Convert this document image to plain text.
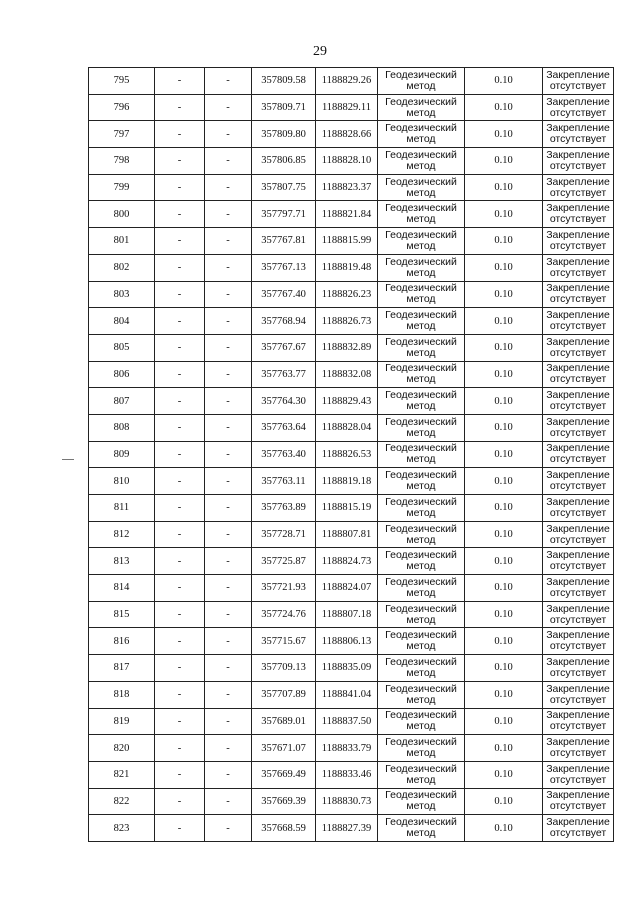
29
795	-	-	357809.58	1188829.26	Геодезический метод	0.10	Закрепление отсутствует
796	-	-	357809.71	1188829.11	Геодезический метод	0.10	Закрепление отсутствует
797	-	-	357809.80	1188828.66	Геодезический метод	0.10	Закрепление отсутствует
798	-	-	357806.85	1188828.10	Геодезический метод	0.10	Закрепление отсутствует
799	-	-	357807.75	1188823.37	Геодезический метод	0.10	Закрепление отсутствует
800	-	-	357797.71	1188821.84	Геодезический метод	0.10	Закрепление отсутствует
801	-	-	357767.81	1188815.99	Геодезический метод	0.10	Закрепление отсутствует
802	-	-	357767.13	1188819.48	Геодезический метод	0.10	Закрепление отсутствует
803	-	-	357767.40	1188826.23	Геодезический метод	0.10	Закрепление отсутствует
804	-	-	357768.94	1188826.73	Геодезический метод	0.10	Закрепление отсутствует
805	-	-	357767.67	1188832.89	Геодезический метод	0.10	Закрепление отсутствует
806	-	-	357763.77	1188832.08	Геодезический метод	0.10	Закрепление отсутствует
807	-	-	357764.30	1188829.43	Геодезический метод	0.10	Закрепление отсутствует
808	-	-	357763.64	1188828.04	Геодезический метод	0.10	Закрепление отсутствует
809	-	-	357763.40	1188826.53	Геодезический метод	0.10	Закрепление отсутствует
810	-	-	357763.11	1188819.18	Геодезический метод	0.10	Закрепление отсутствует
811	-	-	357763.89	1188815.19	Геодезический метод	0.10	Закрепление отсутствует
812	-	-	357728.71	1188807.81	Геодезический метод	0.10	Закрепление отсутствует
813	-	-	357725.87	1188824.73	Геодезический метод	0.10	Закрепление отсутствует
814	-	-	357721.93	1188824.07	Геодезический метод	0.10	Закрепление отсутствует
815	-	-	357724.76	1188807.18	Геодезический метод	0.10	Закрепление отсутствует
816	-	-	357715.67	1188806.13	Геодезический метод	0.10	Закрепление отсутствует
817	-	-	357709.13	1188835.09	Геодезический метод	0.10	Закрепление отсутствует
818	-	-	357707.89	1188841.04	Геодезический метод	0.10	Закрепление отсутствует
819	-	-	357689.01	1188837.50	Геодезический метод	0.10	Закрепление отсутствует
820	-	-	357671.07	1188833.79	Геодезический метод	0.10	Закрепление отсутствует
821	-	-	357669.49	1188833.46	Геодезический метод	0.10	Закрепление отсутствует
822	-	-	357669.39	1188830.73	Геодезический метод	0.10	Закрепление отсутствует
823	-	-	357668.59	1188827.39	Геодезический метод	0.10	Закрепление отсутствует
